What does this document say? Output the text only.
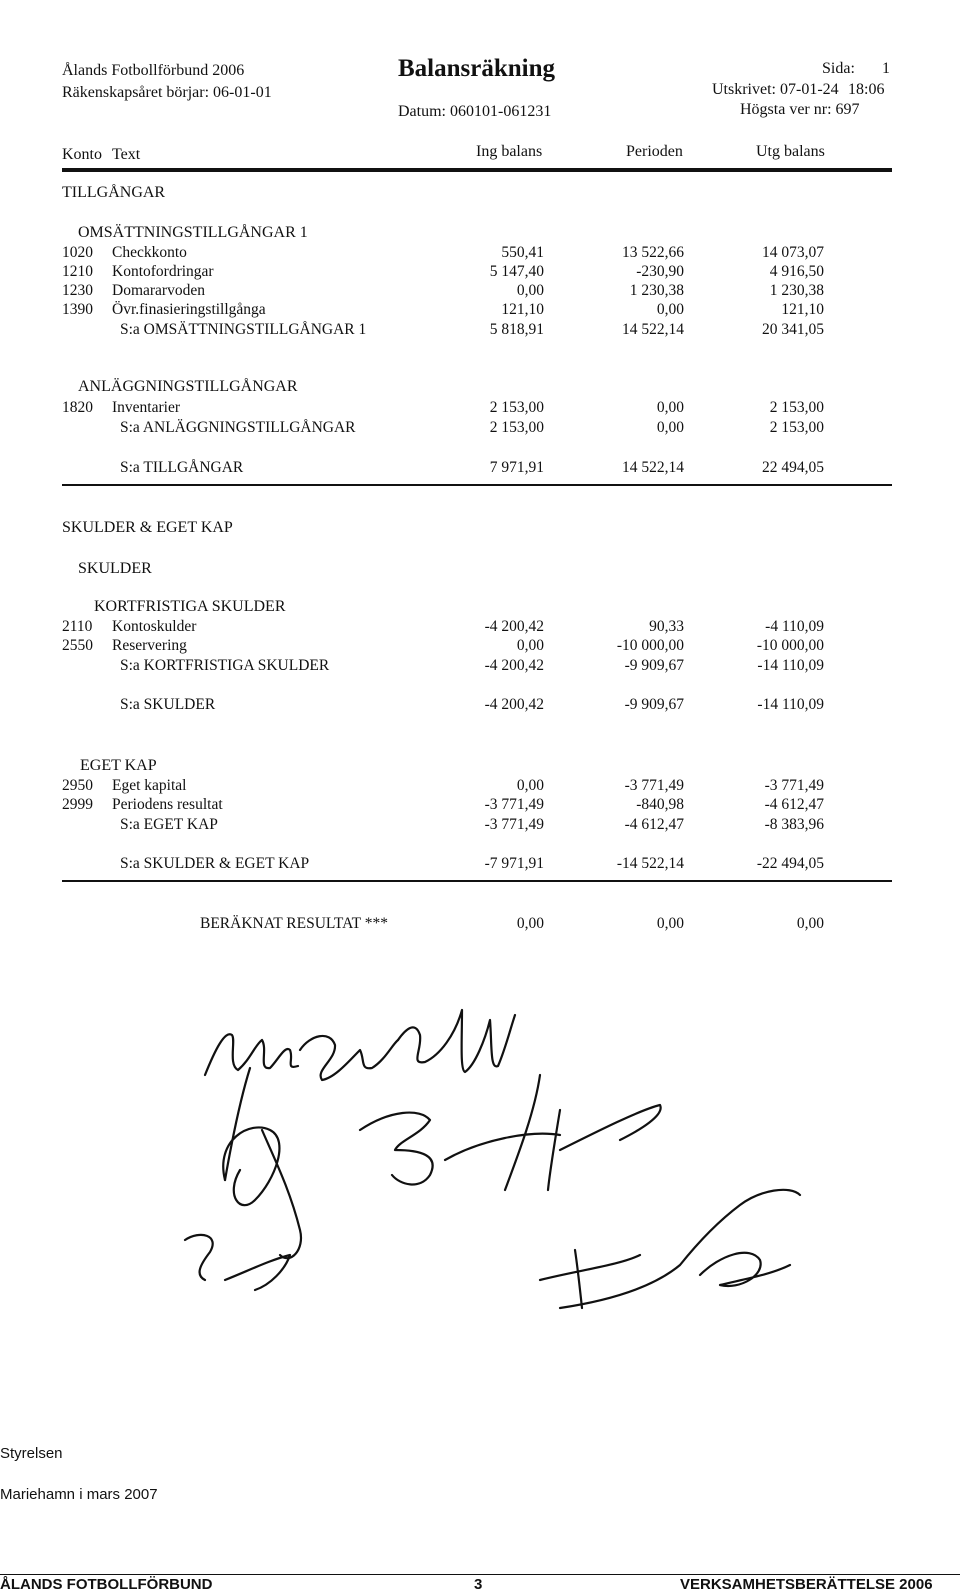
Ålands Fotbollförbund 2006
Räkenskapsåret börjar: 06-01-01
Balansräkning
Datum: 060101-061231
Sida: 1
Utskrivet: 07-01-24 18:06
Högsta ver nr: 697
Konto Text	Ing balans	Perioden	Utg balans
TILLGÅNGAR
OMSÄTTNINGSTILLGÅNGAR 1
1020 Checkkonto	550,41	13 522,66	14 073,07
1210 Kontofordringar	5 147,40	-230,90	4 916,50
1230 Domararvoden	0,00	1 230,38	1 230,38
1390 Övr.finasieringstillgånga	121,10	0,00	121,10
S:a OMSÄTTNINGSTILLGÅNGAR 1	5 818,91	14 522,14	20 341,05
ANLÄGGNINGSTILLGÅNGAR
1820 Inventarier	2 153,00	0,00	2 153,00
S:a ANLÄGGNINGSTILLGÅNGAR	2 153,00	0,00	2 153,00
S:a TILLGÅNGAR	7 971,91	14 522,14	22 494,05
SKULDER & EGET KAP
SKULDER
KORTFRISTIGA SKULDER
2110 Kontoskulder	-4 200,42	90,33	-4 110,09
2550 Reservering	0,00	-10 000,00	-10 000,00
S:a KORTFRISTIGA SKULDER	-4 200,42	-9 909,67	-14 110,09
S:a SKULDER	-4 200,42	-9 909,67	-14 110,09
EGET KAP
2950 Eget kapital	0,00	-3 771,49	-3 771,49
2999 Periodens resultat	-3 771,49	-840,98	-4 612,47
S:a EGET KAP	-3 771,49	-4 612,47	-8 383,96
S:a SKULDER & EGET KAP	-7 971,91	-14 522,14	-22 494,05
BERÄKNAT RESULTAT ***	0,00	0,00	0,00
Styrelsen
Mariehamn i mars 2007
ÅLANDS FOTBOLLFÖRBUND	3	VERKSAMHETSBERÄTTELSE 2006
